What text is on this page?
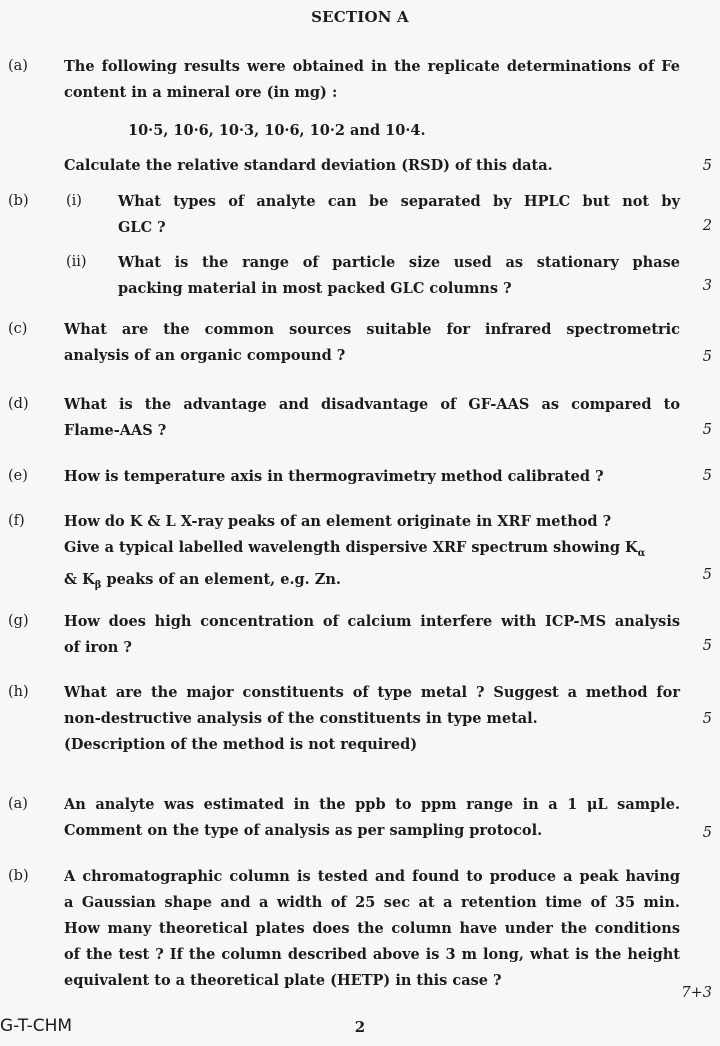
SECTION A
(a) The following results were obtained in the replicate determinations of Fe
content in a mineral ore (in mg) :
10·5, 10·6, 10·3, 10·6, 10·2 and 10·4.
Calculate the relative standard deviation (RSD) of this data.	5
(b)	(i) What types of analyte can be separated by HPLC but not by
GLC ?	2
(ii) What is the range of particle size used as stationary phase
packing material in most packed GLC columns ?	3
(c)	What are the common sources suitable for infrared spectrometric
analysis of an organic compound ?	5
(d) What is the advantage and disadvantage of GF-AAS as compared to
Flame-AAS ?	5
(e) How is temperature axis in thermogravimetry method calibrated ?	5
(f)	How do K & L X-ray peaks of an element originate in XRF method ?
Give a typical labelled wavelength dispersive XRF spectrum showing $K_\alpha$
& $K_\beta$ peaks of an element, e.g. Zn.	5
(g) How does high concentration of calcium interfere with ICP-MS analysis
of iron ?	5
(h) What are the major constituents of type metal ? Suggest a method for
non-destructive analysis of the constituents in type metal.
(Description of the method is not required)
5
(a) An analyte was estimated in the ppb to ppm range in a 1 μL sample.
Comment on the type of analysis as per sampling protocol.	5
(b) A chromatographic column is tested and found to produce a peak having
a Gaussian shape and a width of 25 sec at a retention time of 35 min.
How many theoretical plates does the column have under the conditions
of the test ? If the column described above is 3 m long, what is the height
equivalent to a theoretical plate (HETP) in this case ?
7+3
G-T-CHM	2
